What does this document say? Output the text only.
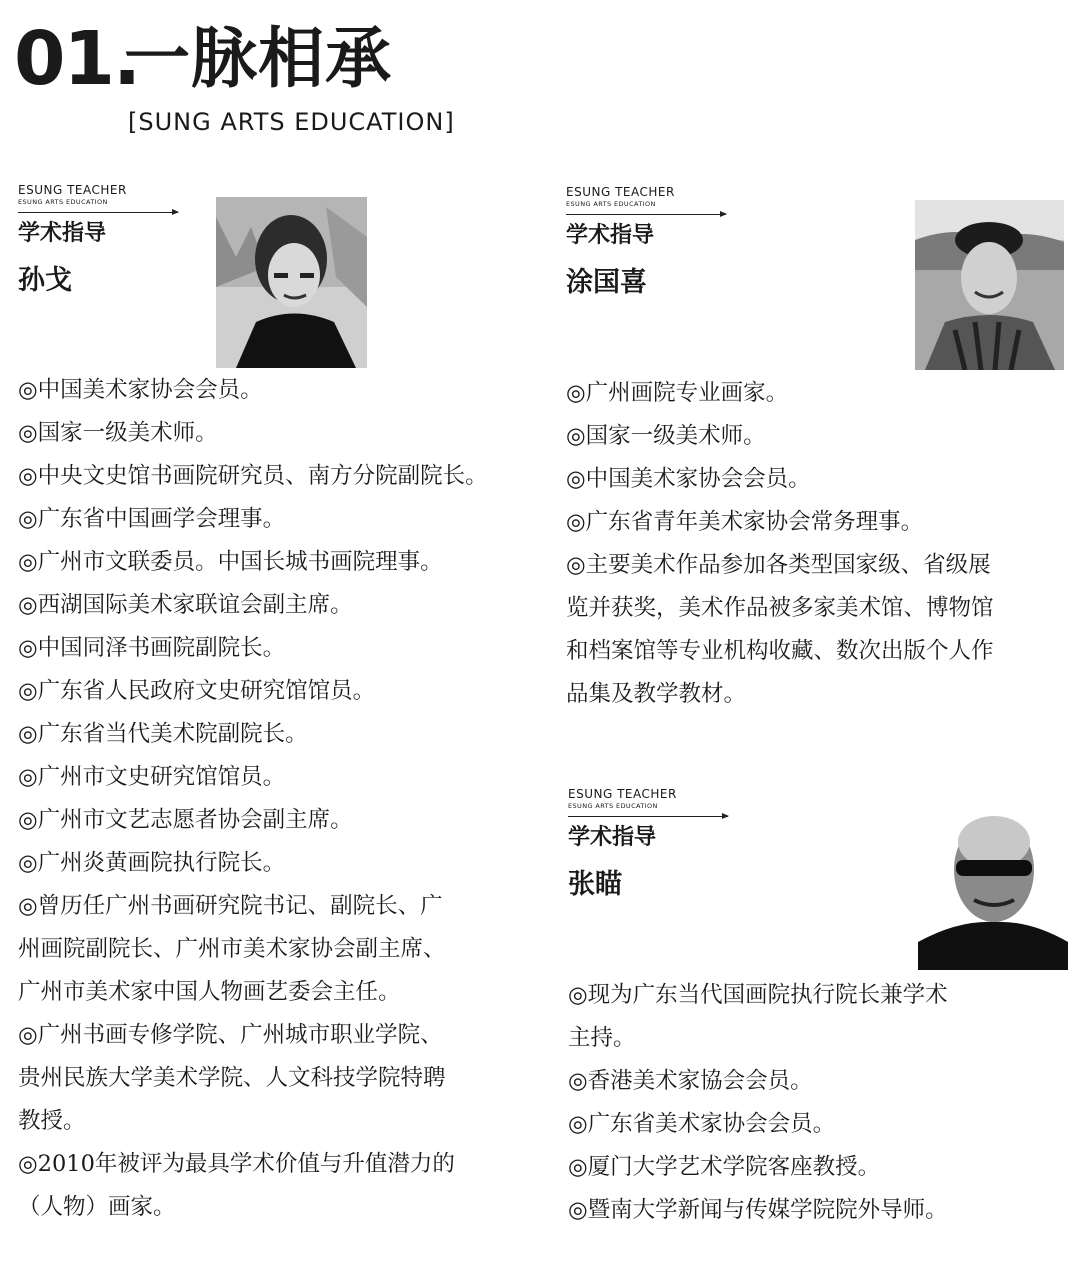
01.
一脉相承
[SUNG ARTS EDUCATION]
ESUNG TEACHER
ESUNG ARTS EDUCATION
学术指导
孙戈
◎中国美术家协会会员。
◎国家一级美术师。
◎中央文史馆书画院研究员、南方分院副院长。
◎广东省中国画学会理事。
◎广州市文联委员。中国长城书画院理事。
◎西湖国际美术家联谊会副主席。
◎中国同泽书画院副院长。
◎广东省人民政府文史研究馆馆员。
◎广东省当代美术院副院长。
◎广州市文史研究馆馆员。
◎广州市文艺志愿者协会副主席。
◎广州炎黄画院执行院长。
◎曾历任广州书画研究院书记、副院长、广
州画院副院长、广州市美术家协会副主席、
广州市美术家中国人物画艺委会主任。
◎广州书画专修学院、广州城市职业学院、
贵州民族大学美术学院、人文科技学院特聘
教授。
◎2010年被评为最具学术价值与升值潜力的
（人物）画家。
ESUNG TEACHER
ESUNG ARTS EDUCATION
学术指导
涂国喜
◎广州画院专业画家。
◎国家一级美术师。
◎中国美术家协会会员。
◎广东省青年美术家协会常务理事。
◎主要美术作品参加各类型国家级、省级展
览并获奖，美术作品被多家美术馆、博物馆
和档案馆等专业机构收藏、数次出版个人作
品集及教学教材。
ESUNG TEACHER
ESUNG ARTS EDUCATION
学术指导
张瞄
◎现为广东当代国画院执行院长兼学术
主持。
◎香港美术家協会会员。
◎广东省美术家协会会员。
◎厦门大学艺术学院客座教授。
◎暨南大学新闻与传媒学院院外导师。
